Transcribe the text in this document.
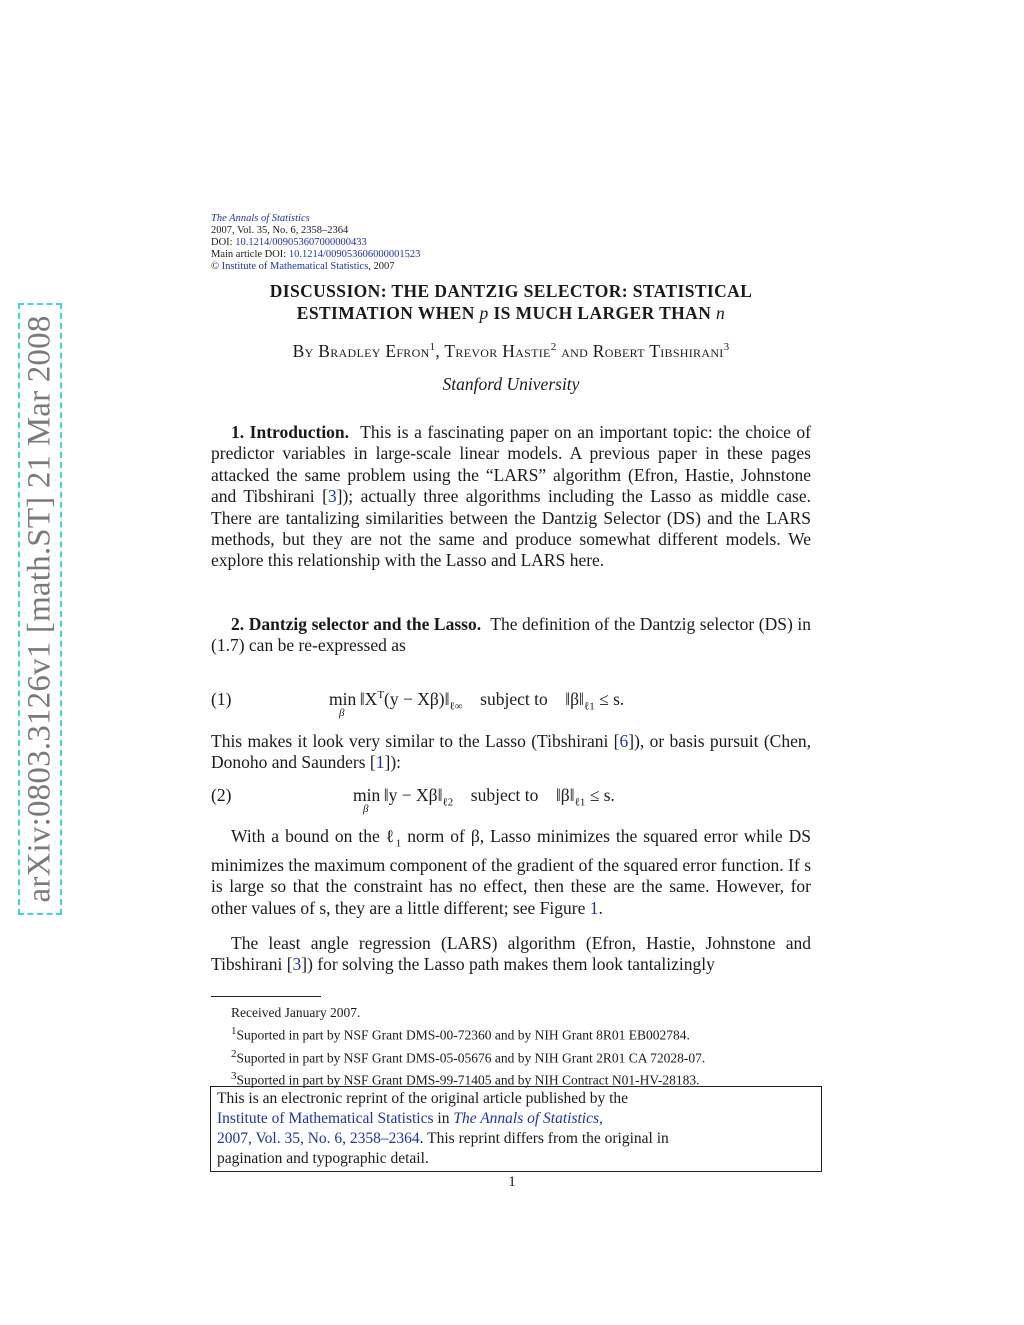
arXiv:0803.3126v1 [math.ST] 21 Mar 2008
The Annals of Statistics
2007, Vol. 35, No. 6, 2358–2364
DOI: 10.1214/009053607000000433
Main article DOI: 10.1214/009053606000001523
© Institute of Mathematical Statistics, 2007
DISCUSSION: THE DANTZIG SELECTOR: STATISTICAL
ESTIMATION WHEN p IS MUCH LARGER THAN n
By Bradley Efron$^1$, Trevor Hastie$^2$ and Robert Tibshirani$^3$
Stanford University

1. Introduction. This is a fascinating paper on an important topic: the choice of predictor variables in large-scale linear models. A previous paper in these pages attacked the same problem using the “LARS” algorithm (Efron, Hastie, Johnstone and Tibshirani [3]); actually three algorithms including the Lasso as middle case. There are tantalizing similarities between the Dantzig Selector (DS) and the LARS methods, but they are not the same and produce somewhat different models. We explore this relationship with the Lasso and LARS here.

2. Dantzig selector and the Lasso. The definition of the Dantzig selector (DS) in (1.7) can be re-expressed as

(1)	$\min ‖X^T(y$ − $X\beta)‖_{\ell\infty}$ subject to $‖\beta‖_{\ell 1} \le s$.
β

This makes it look very similar to the Lasso (Tibshirani [6]), or basis pursuit (Chen, Donoho and Saunders [1]):

(2)	min  ‖y − $X\beta‖_{\ell 2}$ subject to $‖\beta‖_{\ell 1} \le s$.
β

With a bound on the ℓ$_1$ norm of β, Lasso minimizes the squared error while DS minimizes the maximum component of the gradient of the squared error function. If s is large so that the constraint has no effect, then these are the same. However, for other values of s, they are a little different; see Figure 1.

The least angle regression (LARS) algorithm (Efron, Hastie, Johnstone and Tibshirani [3]) for solving the Lasso path makes them look tantalizingly

Received January 2007.
$^1$Suported in part by NSF Grant DMS-00-72360 and by NIH Grant 8R01 EB002784.
$^2$Suported in part by NSF Grant DMS-05-05676 and by NIH Grant 2R01 CA 72028-07.
$^3$Suported in part by NSF Grant DMS-99-71405 and by NIH Contract N01-HV-28183.
This is an electronic reprint of the original article published by the
Institute of Mathematical Statistics in The Annals of Statistics,
2007, Vol. 35, No. 6, 2358–2364. This reprint differs from the original in
pagination and typographic detail.
1
